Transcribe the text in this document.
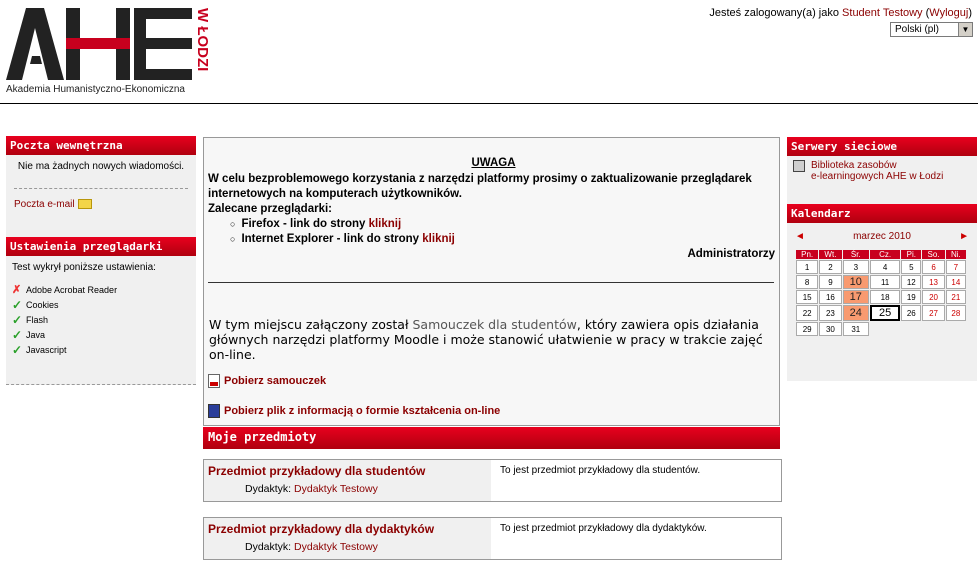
W ŁODZI
Akademia Humanistyczno-Ekonomiczna
Jesteś zalogowany(a) jako Student Testowy (Wyloguj)
Polski (pl)	▼
Poczta wewnętrzna
Nie ma żadnych nowych wiadomości.
Poczta e-mail
Ustawienia przeglądarki
Test wykrył poniższe ustawienia:
✗ Adobe Acrobat Reader
✓ Cookies
✓ Flash
✓ Java
✓ Javascript

UWAGA

W celu bezproblemowego korzystania z narzędzi platformy prosimy o zaktualizowanie przeglądarek internetowych na komputerach użytkowników.

Zalecane przeglądarki:

○ Firefox - link do strony kliknij
○ Internet Explorer - link do strony kliknij

Administratorzy

W tym miejscu załączony został Samouczek dla studentów, który zawiera opis działania głównych narzędzi platformy Moodle i może stanowić ułatwienie w pracy w trakcie zajęć on-line.
Pobierz samouczek
Pobierz plik z informacją o formie kształcenia on-line
Moje przedmioty
Przedmiot przykładowy dla studentów
Dydaktyk: Dydaktyk Testowy
To jest przedmiot przykładowy dla studentów.
Przedmiot przykładowy dla dydaktyków
Dydaktyk: Dydaktyk Testowy
To jest przedmiot przykładowy dla dydaktyków.
Serwery sieciowe
Biblioteka zasobów
e-learningowych AHE w Łodzi
Kalendarz
◄	marzec 2010	►
Pn.	Wt.	Śr.	Cz.	Pi.	So.	Ni.
1	2	3	4	5	6	7
8	9	10	11	12	13	14
15	16	17	18	19	20	21
22	23	24	25	26	27	28
29	30	31				
